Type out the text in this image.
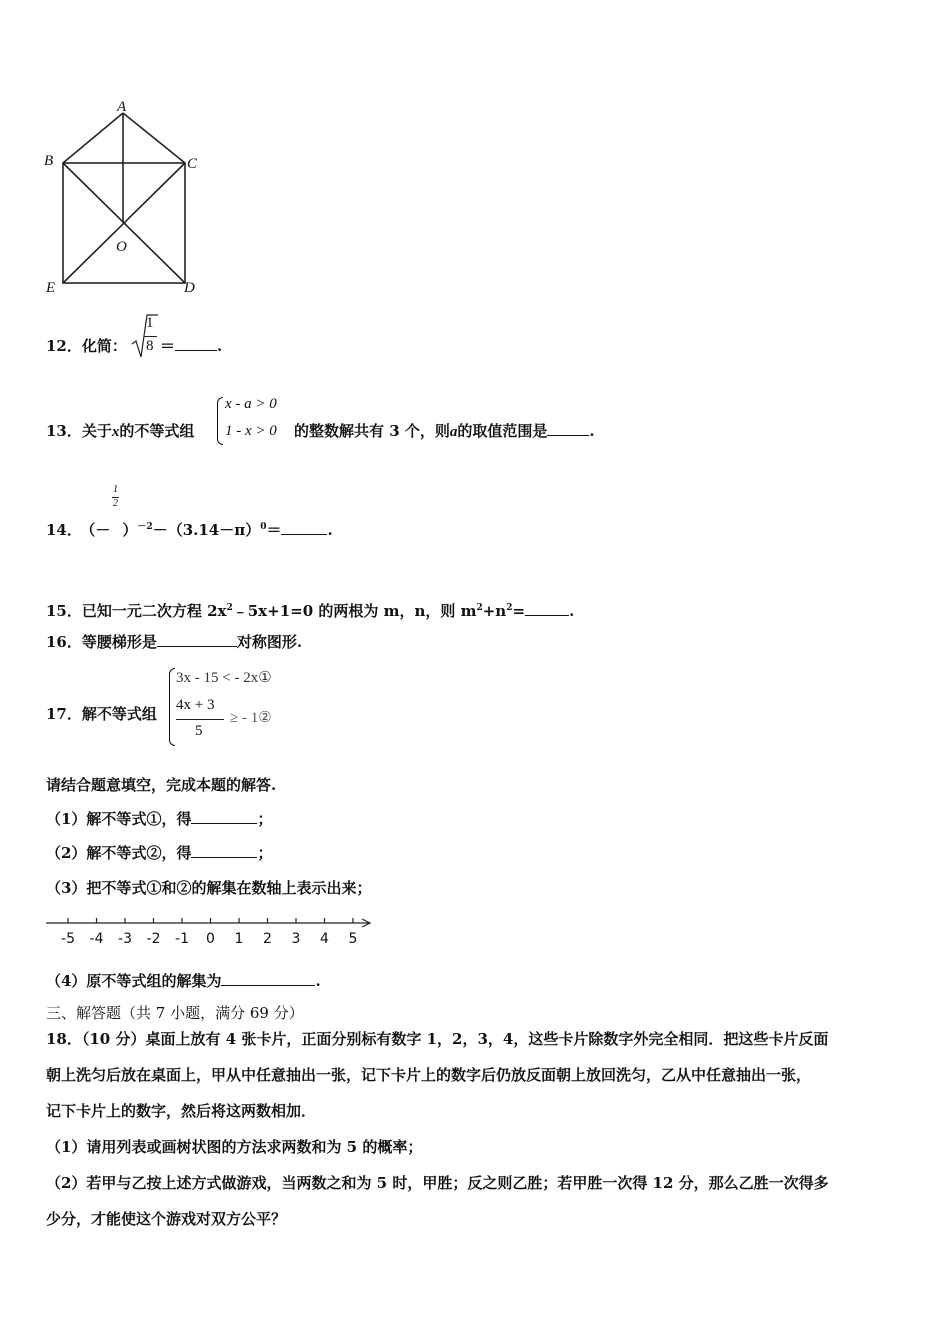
A
B	C
O
E	D
12．化简：
1
8 ＝	.
13．关于x的不等式组
x - a > 0
1 - x > 0 的整数解共有 3 个，则a的取值范围是	.
1
2
14． （－ ）$^{-2}-(3.14-\pi)^0=$	.
15．已知一元二次方程 $2x^2﹣5x+1=0$ 的两根为 m，n，则 $m^2+n^2=$	.
16．等腰梯形是	对称图形.
17．解不等式组
3x - 15 < - 2x①
4x + 3
5
≥ - 1②
请结合题意填空，完成本题的解答.
（1）解不等式①，得	；
（2）解不等式②，得	；
（3）把不等式①和②的解集在数轴上表示出来；
-5 -4 -3 -2 -1 0 1 2 3 4 5
（4）原不等式组的解集为	.
三、解答题（共 7 小题，满分 69 分）
18．（10 分）桌面上放有 4 张卡片，正面分别标有数字 1，2，3，4，这些卡片除数字外完全相同．把这些卡片反面
朝上洗匀后放在桌面上，甲从中任意抽出一张，记下卡片上的数字后仍放反面朝上放回洗匀，乙从中任意抽出一张，
记下卡片上的数字，然后将这两数相加．
（1）请用列表或画树状图的方法求两数和为 5 的概率；
（2）若甲与乙按上述方式做游戏，当两数之和为 5 时，甲胜；反之则乙胜；若甲胜一次得 12 分，那么乙胜一次得多
少分，才能使这个游戏对双方公平？
